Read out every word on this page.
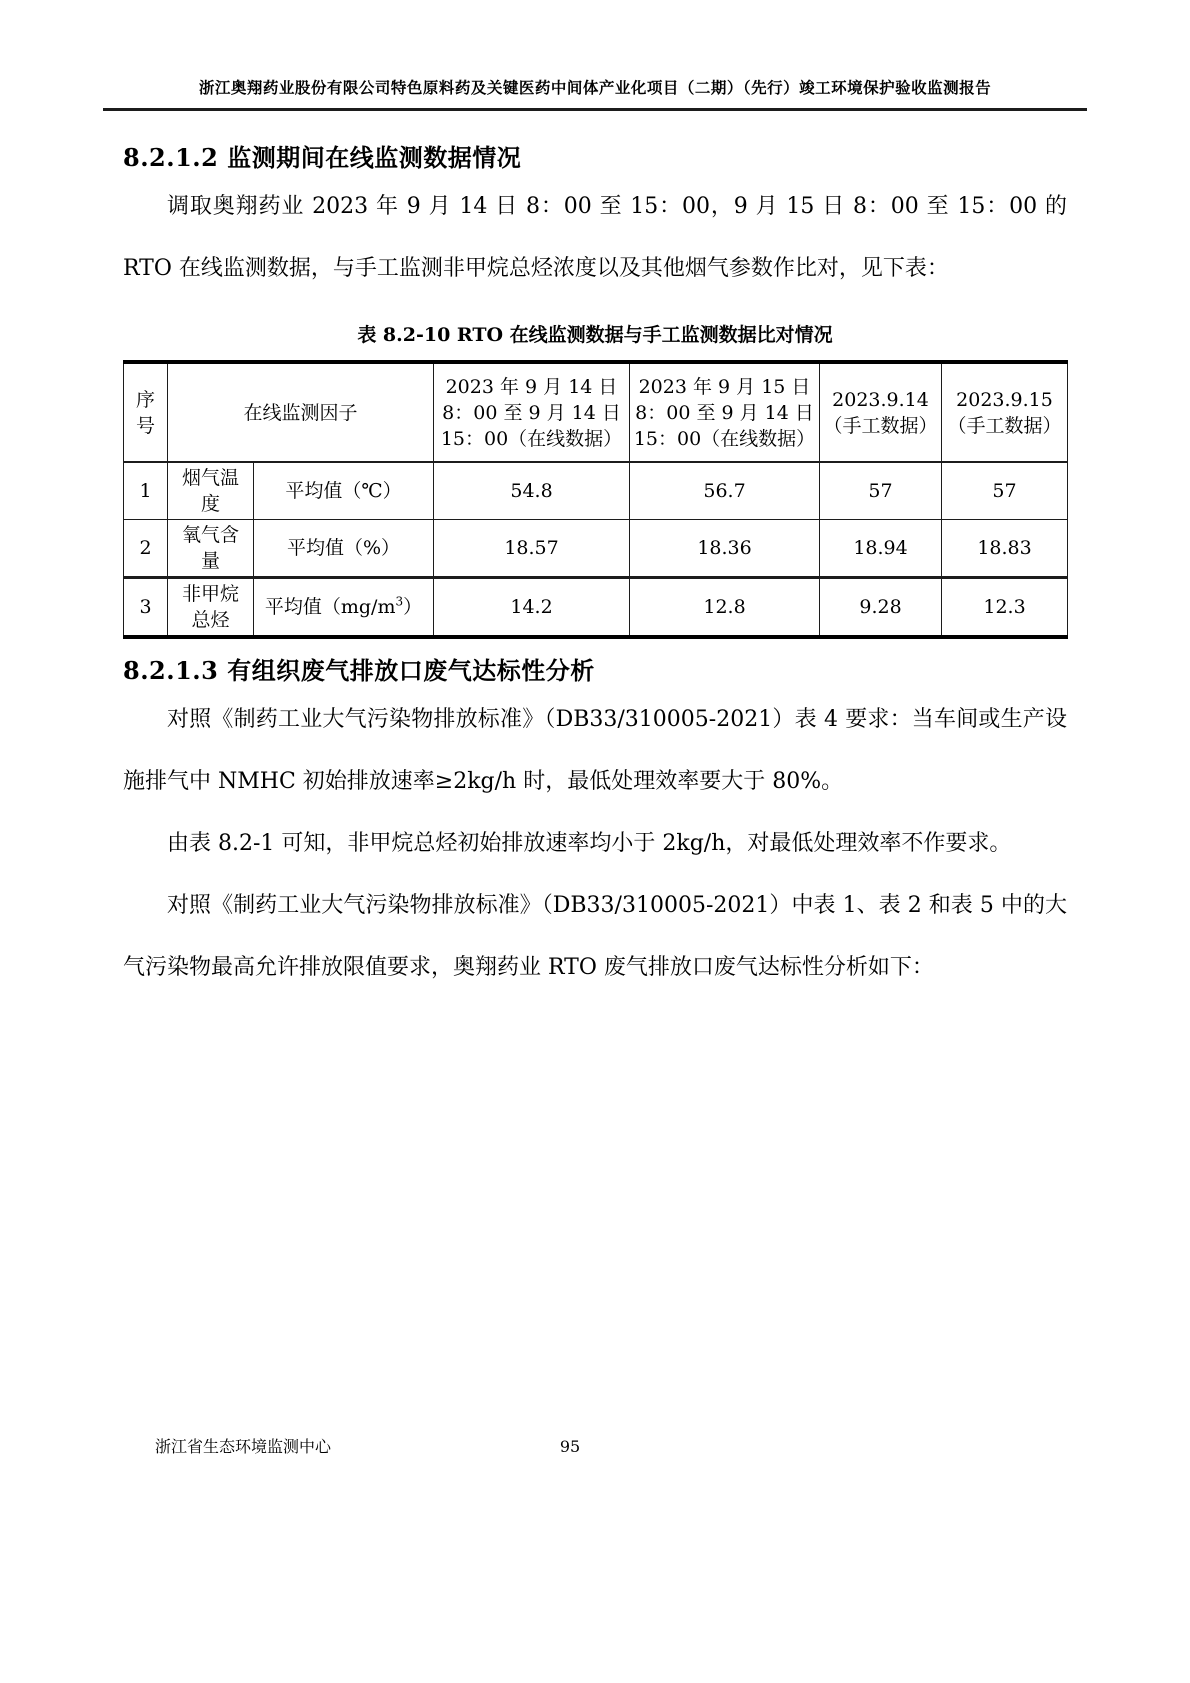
浙江奥翔药业股份有限公司特色原料药及关键医药中间体产业化项目（二期）（先行）竣工环境保护验收监测报告
8.2.1.2 监测期间在线监测数据情况

调取奥翔药业 2023 年 9 月 14 日 8：00 至 15：00，9 月 15 日 8：00 至 15：00 的 RTO 在线监测数据，与手工监测非甲烷总烃浓度以及其他烟气参数作比对，见下表：

表 8.2-10 RTO 在线监测数据与手工监测数据比对情况
序号	在线监测因子		2023 年 9 月 14 日 8：00 至 9 月 14 日 15：00（在线数据）	2023 年 9 月 15 日 8：00 至 9 月 14 日 15：00（在线数据）	2023.9.14（手工数据）	2023.9.15（手工数据）
1	烟气温度	平均值（℃）	54.8	56.7	57	57
2	氧气含量	平均值（%）	18.57	18.36	18.94	18.83
3	非甲烷总烃	平均值$(mg/m^3)$	14.2	12.8	9.28	12.3
8.2.1.3 有组织废气排放口废气达标性分析

对照《制药工业大气污染物排放标准》（DB33/310005-2021）表 4 要求：当车间或生产设施排气中 NMHC 初始排放速率≥2kg/h 时，最低处理效率要大于 80%。

由表 8.2-1 可知，非甲烷总烃初始排放速率均小于 2kg/h，对最低处理效率不作要求。

对照《制药工业大气污染物排放标准》（DB33/310005-2021）中表 1、表 2 和表 5 中的大气污染物最高允许排放限值要求，奥翔药业 RTO 废气排放口废气达标性分析如下：

95
浙江省生态环境监测中心
